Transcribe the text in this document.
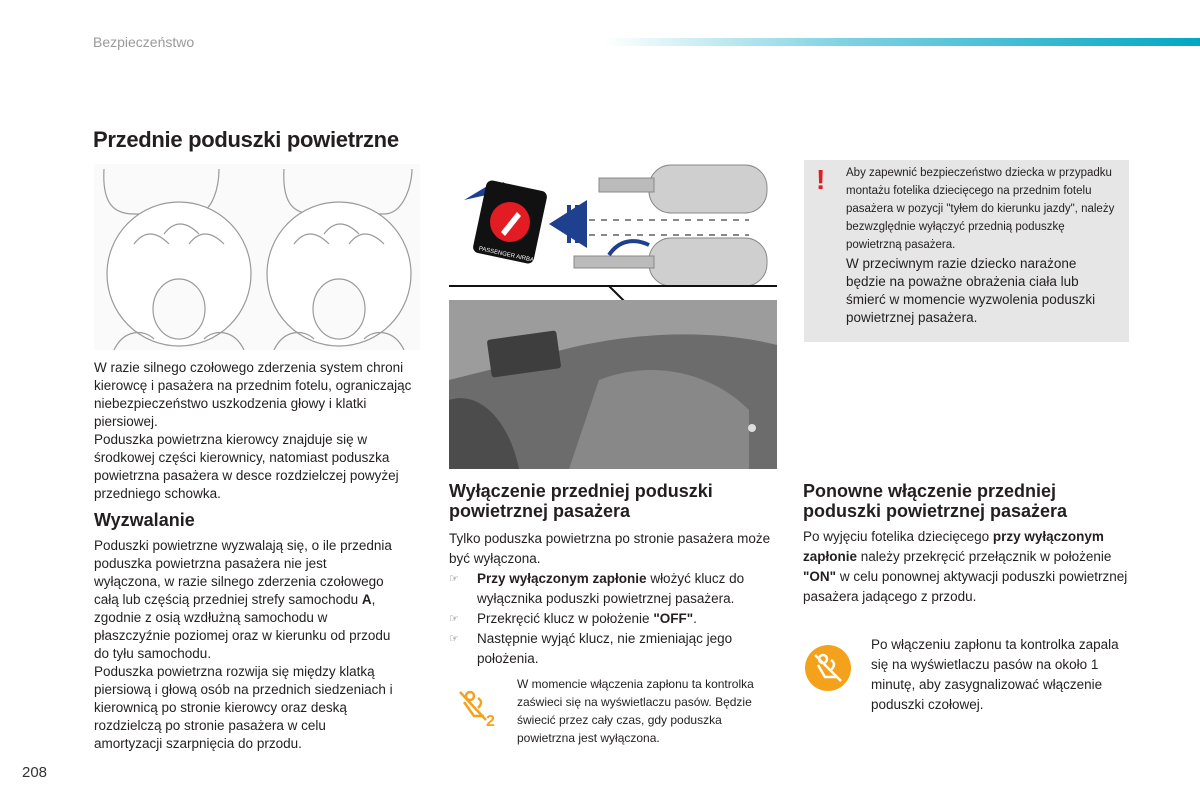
Bezpieczeństwo
Przednie poduszki powietrzne
W razie silnego czołowego zderzenia system chroni kierowcę i pasażera na przednim fotelu, ograniczając niebezpieczeństwo uszkodzenia głowy i klatki piersiowej.
Poduszka powietrzna kierowcy znajduje się w środkowej części kierownicy, natomiast poduszka powietrzna pasażera w desce rozdzielczej powyżej przedniego schowka.
Wyzwalanie
Poduszki powietrzne wyzwalają się, o ile przednia poduszka powietrzna pasażera nie jest wyłączona, w razie silnego zderzenia czołowego całą lub częścią przedniej strefy samochodu A, zgodnie z osią wzdłużną samochodu w płaszczyźnie poziomej oraz w kierunku od przodu do tyłu samochodu.
Poduszka powietrzna rozwija się między klatką piersiową i głową osób na przednich siedzeniach i kierownicą po stronie kierowcy oraz deską rozdzielczą po stronie pasażera w celu amortyzacji szarpnięcia do przodu.
PASSENGER AIRBAG
! Aby zapewnić bezpieczeństwo dziecka w przypadku montażu fotelika dziecięcego na przednim fotelu pasażera w pozycji "tyłem do kierunku jazdy", należy bezwzględnie wyłączyć przednią poduszkę powietrzną pasażera.
W przeciwnym razie dziecko narażone będzie na poważne obrażenia ciała lub śmierć w momencie wyzwolenia poduszki powietrznej pasażera.
Wyłączenie przedniej poduszki powietrznej pasażera
Tylko poduszka powietrzna po stronie pasażera może być wyłączona.
☞ Przy wyłączonym zapłonie włożyć klucz do wyłącznika poduszki powietrznej pasażera.
☞ Przekręcić klucz w położenie "OFF".
☞ Następnie wyjąć klucz, nie zmieniając jego położenia.
2
W momencie włączenia zapłonu ta kontrolka zaświeci się na wyświetlaczu pasów. Będzie świecić przez cały czas, gdy poduszka powietrzna jest wyłączona.
Ponowne włączenie przedniej poduszki powietrznej pasażera
Po wyjęciu fotelika dziecięcego przy wyłączonym zapłonie należy przekręcić przełącznik w położenie "ON" w celu ponownej aktywacji poduszki powietrznej pasażera jadącego z przodu.
Po włączeniu zapłonu ta kontrolka zapala się na wyświetlaczu pasów na około 1 minutę, aby zasygnalizować włączenie poduszki czołowej.
208
